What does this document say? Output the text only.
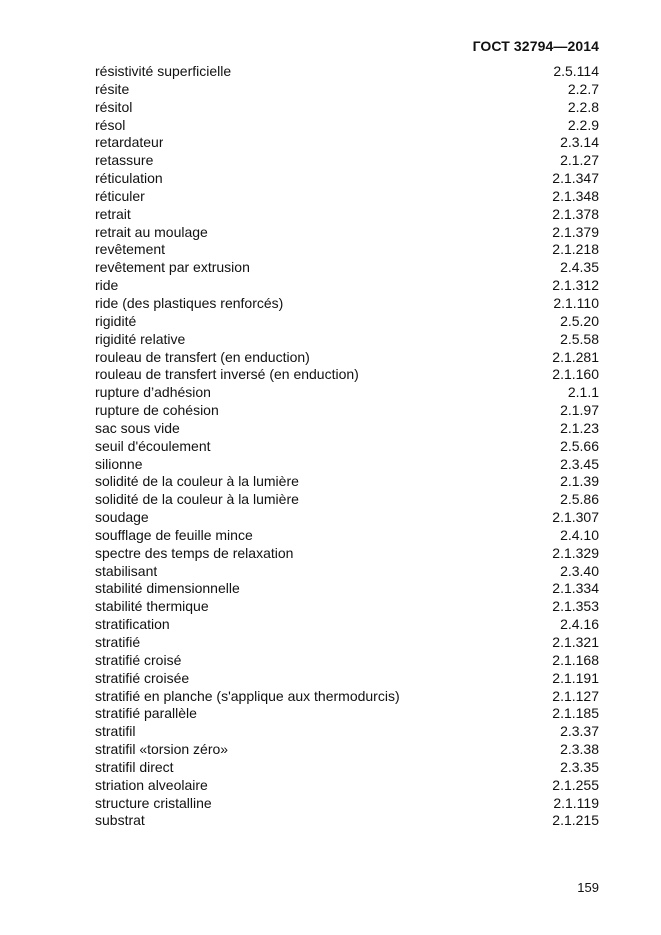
ГОСТ 32794—2014
résistivité superficielle	2.5.114
résite	2.2.7
résitol	2.2.8
résol	2.2.9
retardateur	2.3.14
retassure	2.1.27
réticulation	2.1.347
réticuler	2.1.348
retrait	2.1.378
retrait au moulage	2.1.379
revêtement	2.1.218
revêtement par extrusion	2.4.35
ride	2.1.312
ride (des plastiques renforcés)	2.1.110
rigidité	2.5.20
rigidité relative	2.5.58
rouleau de transfert (en enduction)	2.1.281
rouleau de transfert inversé (en enduction)	2.1.160
rupture d’adhésion	2.1.1
rupture de cohésion	2.1.97
sac sous vide	2.1.23
seuil d'écoulement	2.5.66
silionne	2.3.45
solidité de la couleur à la lumière	2.1.39
solidité de la couleur à la lumière	2.5.86
soudage	2.1.307
soufflage de feuille mince	2.4.10
spectre des temps de relaxation	2.1.329
stabilisant	2.3.40
stabilité dimensionnelle	2.1.334
stabilité thermique	2.1.353
stratification	2.4.16
stratifié	2.1.321
stratifié croisé	2.1.168
stratifié croisée	2.1.191
stratifié en planche (s'applique aux thermodurcis)	2.1.127
stratifié parallèle	2.1.185
stratifil	2.3.37
stratifil «torsion zéro»	2.3.38
stratifil direct	2.3.35
striation alveolaire	2.1.255
structure cristalline	2.1.119
substrat	2.1.215
159
